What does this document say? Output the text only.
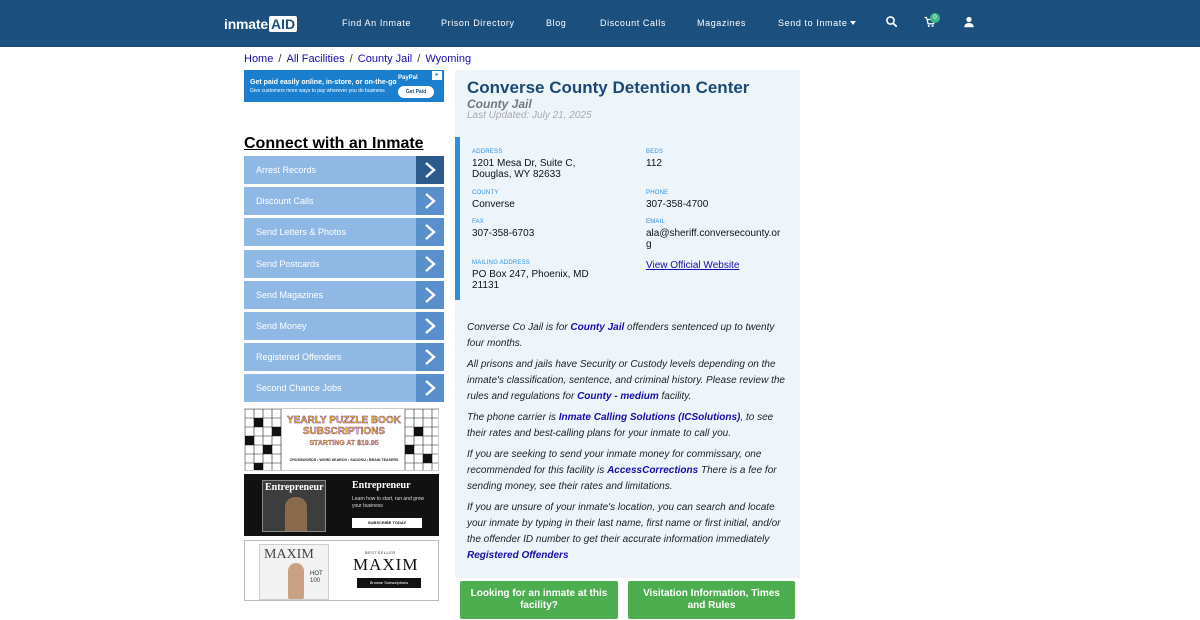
inmate AID	Find An Inmate	Prison Directory	Blog	Discount Calls	Magazines	Send to Inmate	0
Home / All Facilities / County Jail / Wyoming
Get paid easily online, in-store, or on-the-go
Give customers more ways to pay wherever you do business
PayPal
Get Paid
▸
Connect with an Inmate
Arrest Records
Discount Calls
Send Letters & Photos
Send Postcards
Send Magazines
Send Money
Registered Offenders
Second Chance Jobs
YEARLY PUZZLE BOOK SUBSCRIPTIONS
STARTING AT $19.95
CROSSWORDS • WORD SEARCH • SUDOKU • BRAIN TEASERS
Entrepreneur	Entrepreneur
Learn how to start, run and grow your business
SUBSCRIBE TODAY
MAXIM
HOT 100
BESTSELLER
MAXIM
Browse Subscriptions
Converse County Detention Center
County Jail
Last Updated: July 21, 2025
ADDRESS
1201 Mesa Dr, Suite C, Douglas, WY 82633
BEDS
112
COUNTY
Converse
PHONE
307-358-4700
FAX
307-358-6703
EMAIL
ala@sheriff.conversecounty.org
MAILING ADDRESS
PO Box 247, Phoenix, MD 21131
View Official Website

Converse Co Jail is for County Jail offenders sentenced up to twenty four months.

All prisons and jails have Security or Custody levels depending on the inmate's classification, sentence, and criminal history. Please review the rules and regulations for County - medium facility.

The phone carrier is Inmate Calling Solutions (ICSolutions), to see their rates and best-calling plans for your inmate to call you.

If you are seeking to send your inmate money for commissary, one recommended for this facility is AccessCorrections There is a fee for sending money, see their rates and limitations.

If you are unsure of your inmate's location, you can search and locate your inmate by typing in their last name, first name or first initial, and/or the offender ID number to get their accurate information immediately Registered Offenders

Looking for an inmate at this facility?
Visitation Information, Times and Rules
